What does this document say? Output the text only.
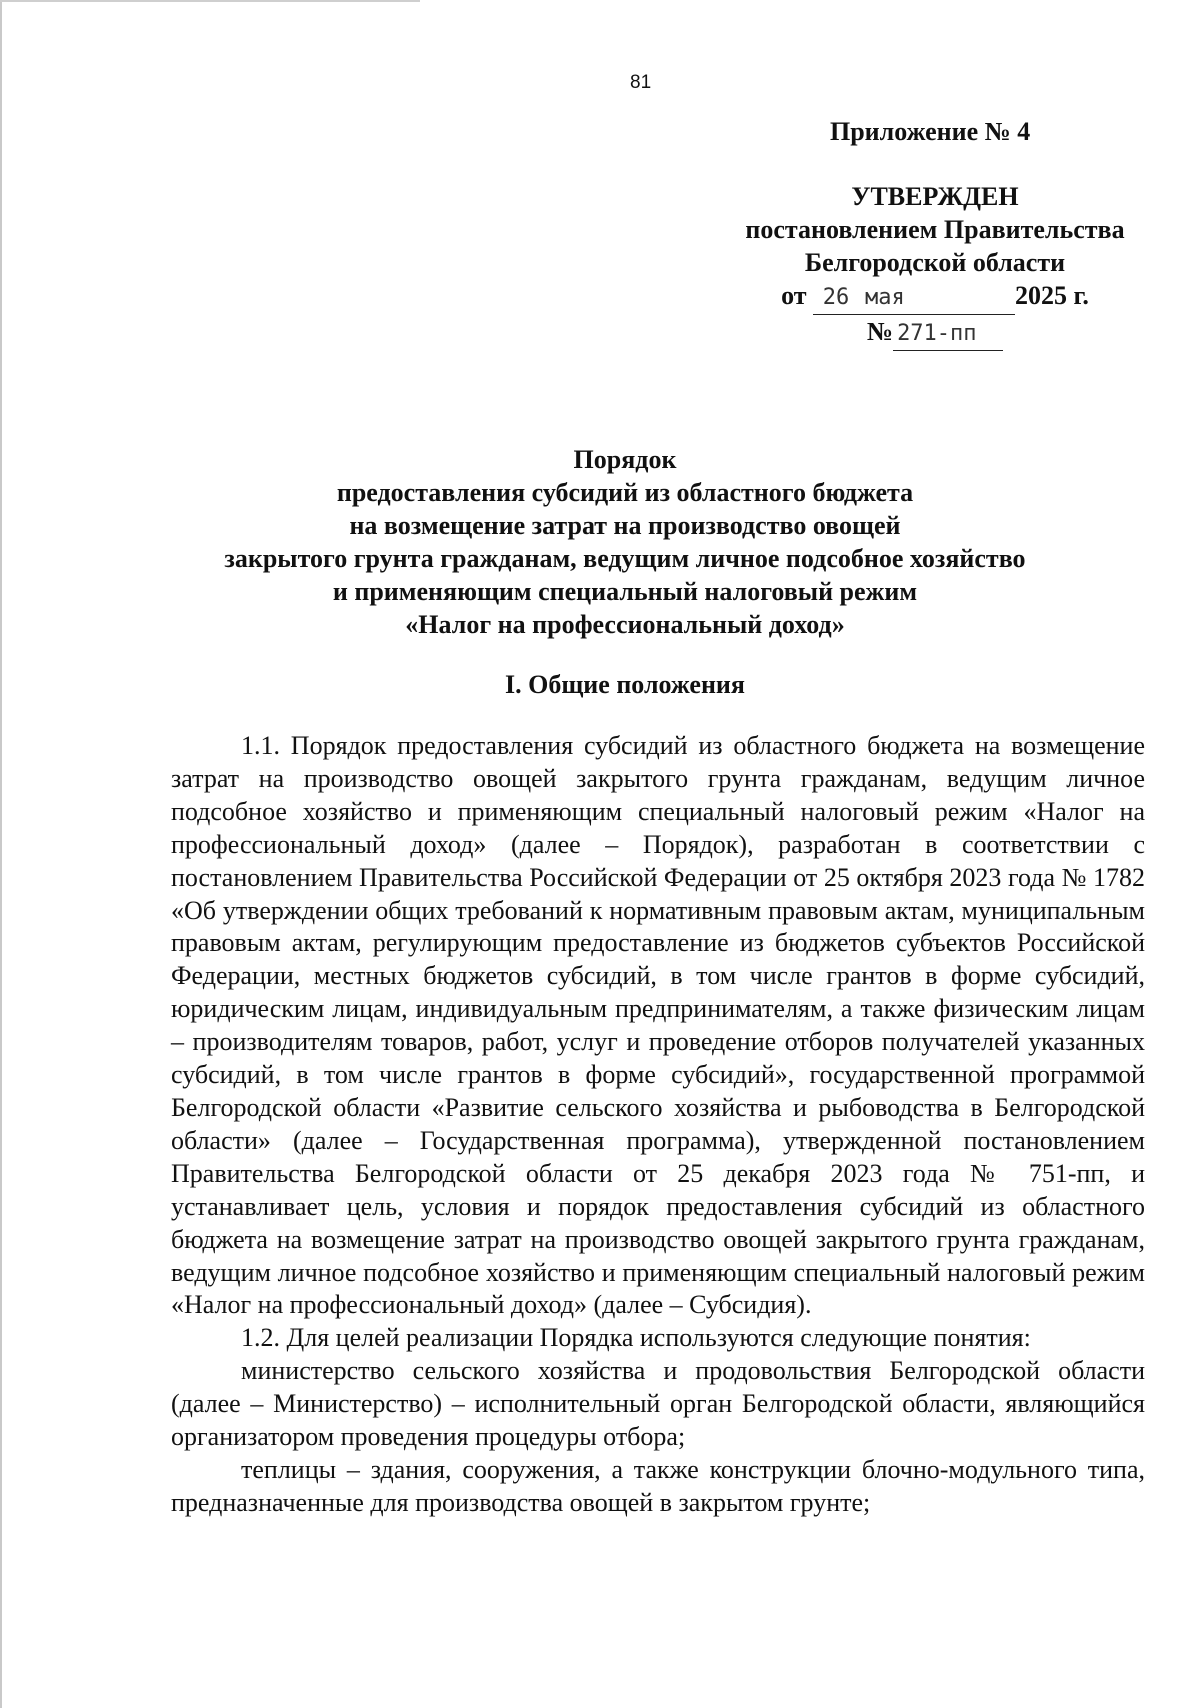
81
Приложение № 4
УТВЕРЖДЕН
постановлением Правительства
Белгородской области
от 26 мая	2025 г.
№ 271-пп
Порядок
предоставления субсидий из областного бюджета
на возмещение затрат на производство овощей
закрытого грунта гражданам, ведущим личное подсобное хозяйство
и применяющим специальный налоговый режим
«Налог на профессиональный доход»
I. Общие положения

1.1. Порядок предоставления субсидий из областного бюджета на возмещение затрат на производство овощей закрытого грунта гражданам, ведущим личное подсобное хозяйство и применяющим специальный налоговый режим «Налог на профессиональный доход» (далее – Порядок), разработан в соответствии с постановлением Правительства Российской Федерации от 25 октября 2023 года № 1782 «Об утверждении общих требований к нормативным правовым актам, муниципальным правовым актам, регулирующим предоставление из бюджетов субъектов Российской Федерации, местных бюджетов субсидий, в том числе грантов в форме субсидий, юридическим лицам, индивидуальным предпринимателям, а также физическим лицам – производителям товаров, работ, услуг и проведение отборов получателей указанных субсидий, в том числе грантов в форме субсидий», государственной программой Белгородской области «Развитие сельского хозяйства и рыбоводства в Белгородской области» (далее – Государственная программа), утвержденной постановлением Правительства Белгородской области от 25 декабря 2023 года № 751-пп, и устанавливает цель, условия и порядок предоставления субсидий из областного бюджета на возмещение затрат на производство овощей закрытого грунта гражданам, ведущим личное подсобное хозяйство и применяющим специальный налоговый режим «Налог на профессиональный доход» (далее – Субсидия).

1.2. Для целей реализации Порядка используются следующие понятия:

министерство сельского хозяйства и продовольствия Белгородской области (далее – Министерство) – исполнительный орган Белгородской области, являющийся организатором проведения процедуры отбора;

теплицы – здания, сооружения, а также конструкции блочно-модульного типа, предназначенные для производства овощей в закрытом грунте;
